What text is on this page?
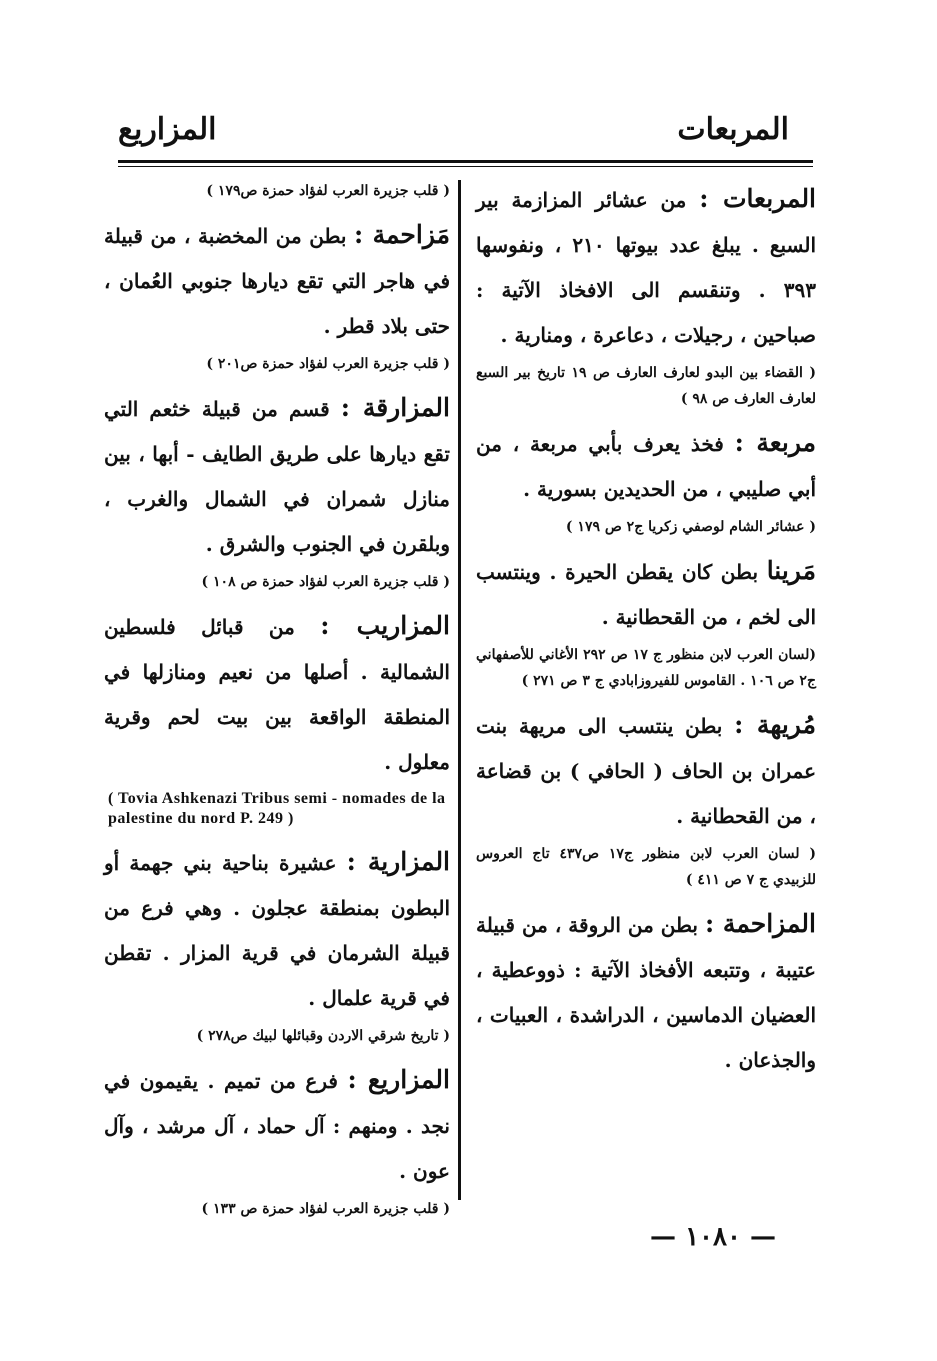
المربعات
المزاريع

المربعات : من عشائر المزازمة بير السبع . يبلغ عدد بيوتها ٢١٠ ، ونفوسها ٣٩٣ . وتنقسم الى الافخاذ الآتية : صباحين ، رجيلات ، دعاعرة ، ومنارية .

( القضاء بين البدو لعارف العارف ص ١٩ تاريخ بير السبع لعارف العارف ص ٩٨ )

مربعة : فخذ يعرف بأبي مربعة ، من أبي صليبي ، من الحديدين بسورية .

( عشائر الشام لوصفي زكريا ج٢ ص ١٧٩ )

مَرينا بطن كان يقطن الحيرة . وينتسب الى لخم ، من القحطانية .

(لسان العرب لابن منظور ج ١٧ ص ٢٩٢ الأغاني للأصفهاني ج٢ ص ١٠٦ . القاموس للفيروزابادي ج ٣ ص ٢٧١ )

مُريهة : بطن ينتسب الى مريهة بنت عمران بن الحاف ( الحافي ) بن قضاعة ، من القحطانية .

( لسان العرب لابن منظور ج١٧ ص٤٣٧ تاج العروس للزبيدي ج ٧ ص ٤١١ )

المزاحمة : بطن من الروقة ، من قبيلة عتيبة ، وتتبعه الأفخاذ الآتية : ذووعطية ، العضيان الدماسين ، الدراشدة ، العبيات ، والجذعان .

( قلب جزيرة العرب لفؤاد حمزة ص١٧٩ )

مَزاحمة : بطن من المخضبة ، من قبيلة في هاجر التي تقع ديارها جنوبي العُمان ، حتى بلاد قطر .

( قلب جزيرة العرب لفؤاد حمزة ص٢٠١ )

المزارقة : قسم من قبيلة خثعم التي تقع ديارها على طريق الطايف - أبها ، بين منازل شمران في الشمال والغرب ، وبلقرن في الجنوب والشرق .

( قلب جزيرة العرب لفؤاد حمزة ص ١٠٨ )

المزاريب : من قبائل فلسطين الشمالية . أصلها من نعيم ومنازلها في المنطقة الواقعة بين بيت لحم وقرية معلول .

( Tovia Ashkenazi Tribus semi - nomades de la palestine du nord P. 249 )

المزارية : عشيرة بناحية بني جهمة أو البطون بمنطقة عجلون . وهي فرع من قبيلة الشرمان في قرية المزار . تقطن في قرية علمال .

( تاريخ شرقي الاردن وقبائلها لبيك ص٢٧٨ )

المزاريع : فرع من تميم . يقيمون في نجد . ومنهم : آل حماد ، آل مرشد ، وآل عون .

( قلب جزيرة العرب لفؤاد حمزة ص ١٣٣ )

— ١٠٨٠ —
